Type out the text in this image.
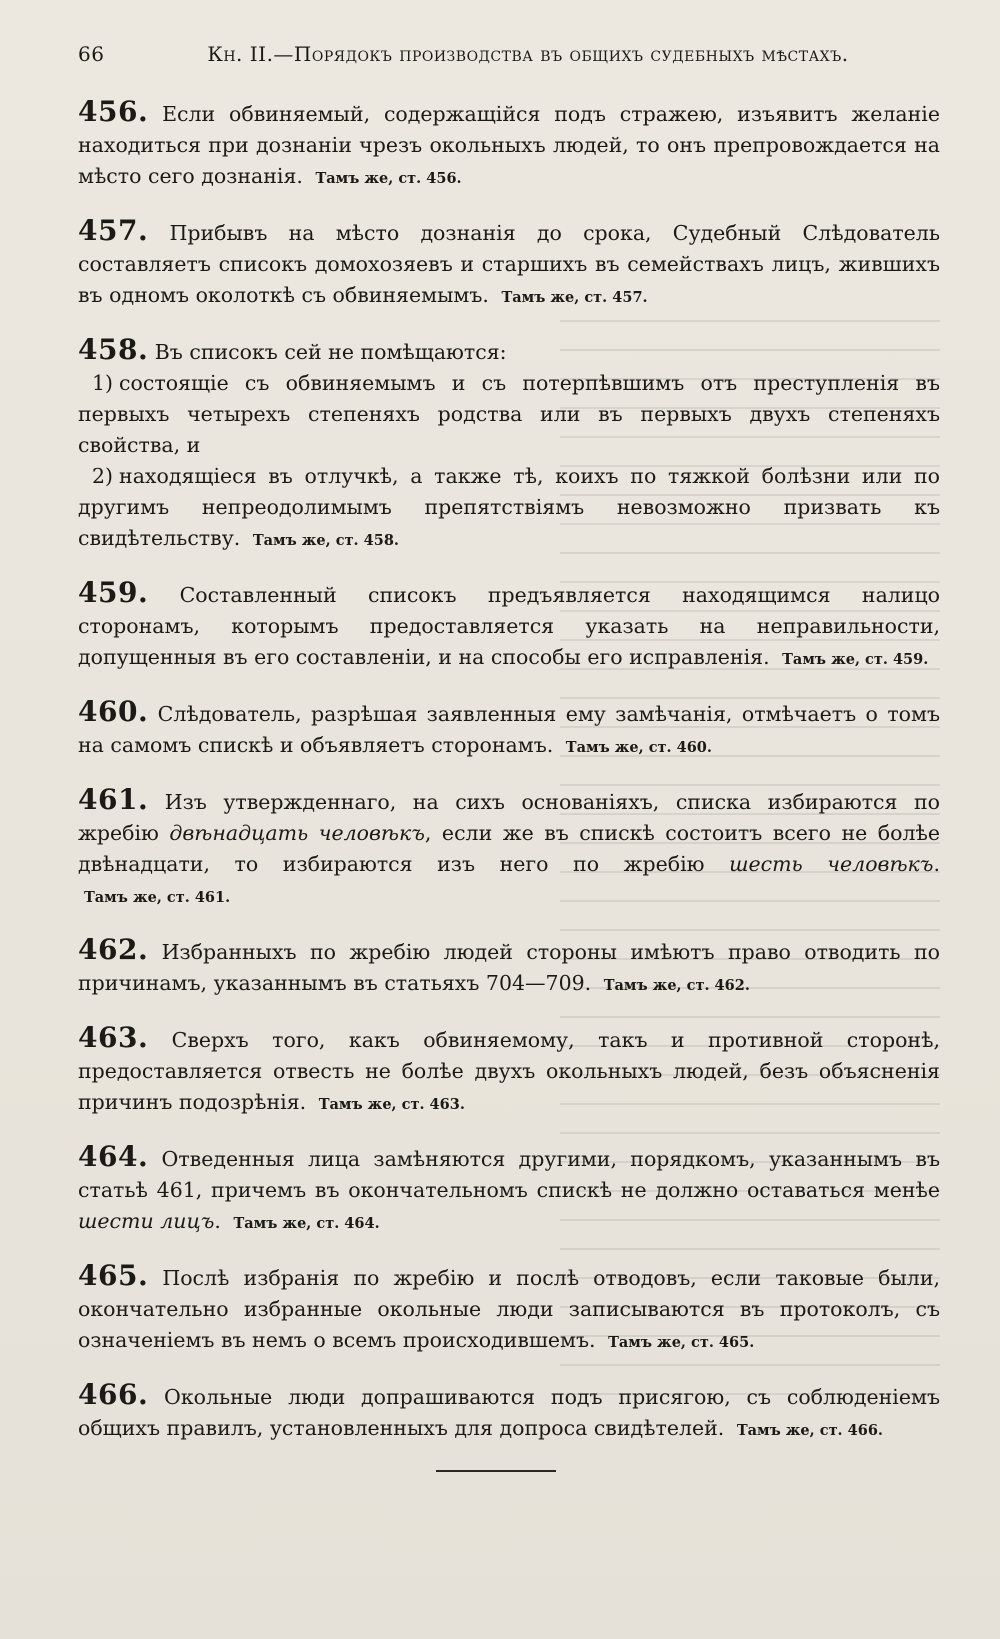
66	Кн. II.—Порядокъ производства въ общихъ судебныхъ мѣстахъ.

456 . Если обвиняемый, содержащійся подъ стражею, изъявитъ желаніе находиться при дознаніи чрезъ окольныхъ людей, то онъ препровождается на мѣсто сего дознанія. Тамъ же, ст. 456.

457 . Прибывъ на мѣсто дознанія до срока, Судебный Слѣдователь составляетъ списокъ домохозяевъ и старшихъ въ семействахъ лицъ, жившихъ въ одномъ околоткѣ съ обвиняемымъ. Тамъ же, ст. 457.

458 . Въ списокъ сей не помѣщаются:

1) состоящіе съ обвиняемымъ и съ потерпѣвшимъ отъ преступленія въ первыхъ четырехъ степеняхъ родства или въ первыхъ двухъ степеняхъ свойства, и

2) находящіеся въ отлучкѣ, а также тѣ, коихъ по тяжкой болѣзни или по другимъ непреодолимымъ препятствіямъ невозможно призвать къ свидѣтельству. Тамъ же, ст. 458.

459 . Составленный списокъ предъявляется находящимся налицо сторонамъ, которымъ предоставляется указать на неправильности, допущенныя въ его составленіи, и на способы его исправленія. Тамъ же, ст. 459.

460 . Слѣдователь, разрѣшая заявленныя ему замѣчанія, отмѣчаетъ о томъ на самомъ спискѣ и объявляетъ сторонамъ. Тамъ же, ст. 460.

461 . Изъ утвержденнаго, на сихъ основаніяхъ, списка избираются по жребію двѣнадцать человѣкъ, если же въ спискѣ состоитъ всего не болѣе двѣнадцати, то избираются изъ него по жребію шесть человѣкъ. Тамъ же, ст. 461.

462 . Избранныхъ по жребію людей стороны имѣютъ право отводить по причинамъ, указаннымъ въ статьяхъ 704—709. Тамъ же, ст. 462.

463 . Сверхъ того, какъ обвиняемому, такъ и противной сторонѣ, предоставляется отвесть не болѣе двухъ окольныхъ людей, безъ объясненія причинъ подозрѣнія. Тамъ же, ст. 463.

464 . Отведенныя лица замѣняются другими, порядкомъ, указаннымъ въ статьѣ 461, причемъ въ окончательномъ спискѣ не должно оставаться менѣе шести лицъ. Тамъ же, ст. 464.

465 . Послѣ избранія по жребію и послѣ отводовъ, если таковые были, окончательно избранные окольные люди записываются въ протоколъ, съ означеніемъ въ немъ о всемъ происходившемъ. Тамъ же, ст. 465.

466 . Окольные люди допрашиваются подъ присягою, съ соблюденіемъ общихъ правилъ, установленныхъ для допроса свидѣтелей. Тамъ же, ст. 466.
